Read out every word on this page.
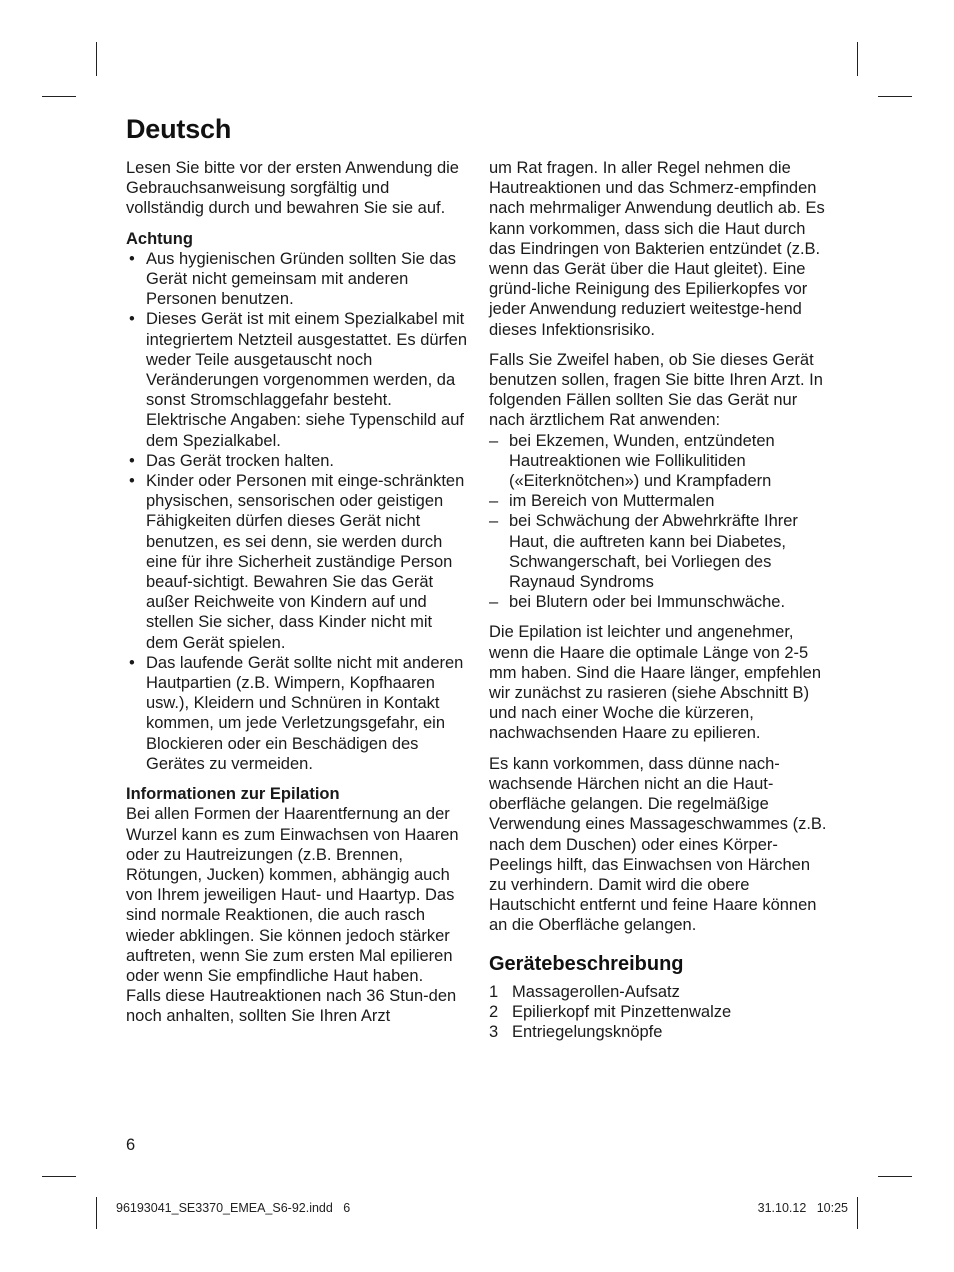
Deutsch

Lesen Sie bitte vor der ersten Anwendung die Gebrauchsanweisung sorgfältig und vollständig durch und bewahren Sie sie auf.

Achtung

• Aus hygienischen Gründen sollten Sie das Gerät nicht gemeinsam mit anderen Personen benutzen.
• Dieses Gerät ist mit einem Spezialkabel mit integriertem Netzteil ausgestattet. Es dürfen weder Teile ausgetauscht noch Veränderungen vorgenommen werden, da sonst Stromschlaggefahr besteht. Elektrische Angaben: siehe Typenschild auf dem Spezialkabel.
• Das Gerät trocken halten.
• Kinder oder Personen mit einge-schränkten physischen, sensorischen oder geistigen Fähigkeiten dürfen dieses Gerät nicht benutzen, es sei denn, sie werden durch eine für ihre Sicherheit zuständige Person beauf-sichtigt. Bewahren Sie das Gerät außer Reichweite von Kindern auf und stellen Sie sicher, dass Kinder nicht mit dem Gerät spielen.
• Das laufende Gerät sollte nicht mit anderen Hautpartien (z.B. Wimpern, Kopfhaaren usw.), Kleidern und Schnüren in Kontakt kommen, um jede Verletzungsgefahr, ein Blockieren oder ein Beschädigen des Gerätes zu vermeiden.

Informationen zur Epilation

Bei allen Formen der Haarentfernung an der Wurzel kann es zum Einwachsen von Haaren oder zu Hautreizungen (z.B. Brennen, Rötungen, Jucken) kommen, abhängig auch von Ihrem jeweiligen Haut- und Haartyp. Das sind normale Reaktionen, die auch rasch wieder abklingen. Sie können jedoch stärker auftreten, wenn Sie zum ersten Mal epilieren oder wenn Sie empfindliche Haut haben.

Falls diese Hautreaktionen nach 36 Stun-den noch anhalten, sollten Sie Ihren Arzt

um Rat fragen. In aller Regel nehmen die Hautreaktionen und das Schmerz-empfinden nach mehrmaliger Anwendung deutlich ab. Es kann vorkommen, dass sich die Haut durch das Eindringen von Bakterien entzündet (z.B. wenn das Gerät über die Haut gleitet). Eine gründ-liche Reinigung des Epilierkopfes vor jeder Anwendung reduziert weitestge-hend dieses Infektionsrisiko.

Falls Sie Zweifel haben, ob Sie dieses Gerät benutzen sollen, fragen Sie bitte Ihren Arzt. In folgenden Fällen sollten Sie das Gerät nur nach ärztlichem Rat anwenden:

– bei Ekzemen, Wunden, entzündeten Hautreaktionen wie Follikulitiden («Eiterknötchen») und Krampfadern
– im Bereich von Muttermalen
– bei Schwächung der Abwehrkräfte Ihrer Haut, die auftreten kann bei Diabetes, Schwangerschaft, bei Vorliegen des Raynaud Syndroms
– bei Blutern oder bei Immunschwäche.

Die Epilation ist leichter und angenehmer, wenn die Haare die optimale Länge von 2-5 mm haben. Sind die Haare länger, empfehlen wir zunächst zu rasieren (siehe Abschnitt B) und nach einer Woche die kürzeren, nachwachsenden Haare zu epilieren.

Es kann vorkommen, dass dünne nach-wachsende Härchen nicht an die Haut-oberfläche gelangen. Die regelmäßige Verwendung eines Massageschwammes (z.B. nach dem Duschen) oder eines Körper-Peelings hilft, das Einwachsen von Härchen zu verhindern. Damit wird die obere Hautschicht entfernt und feine Haare können an die Oberfläche gelangen.

Gerätebeschreibung
1 Massagerollen-Aufsatz
2 Epilierkopf mit Pinzettenwalze
3 Entriegelungsknöpfe
6
96193041_SE3370_EMEA_S6-92.indd   6	31.10.12   10:25
